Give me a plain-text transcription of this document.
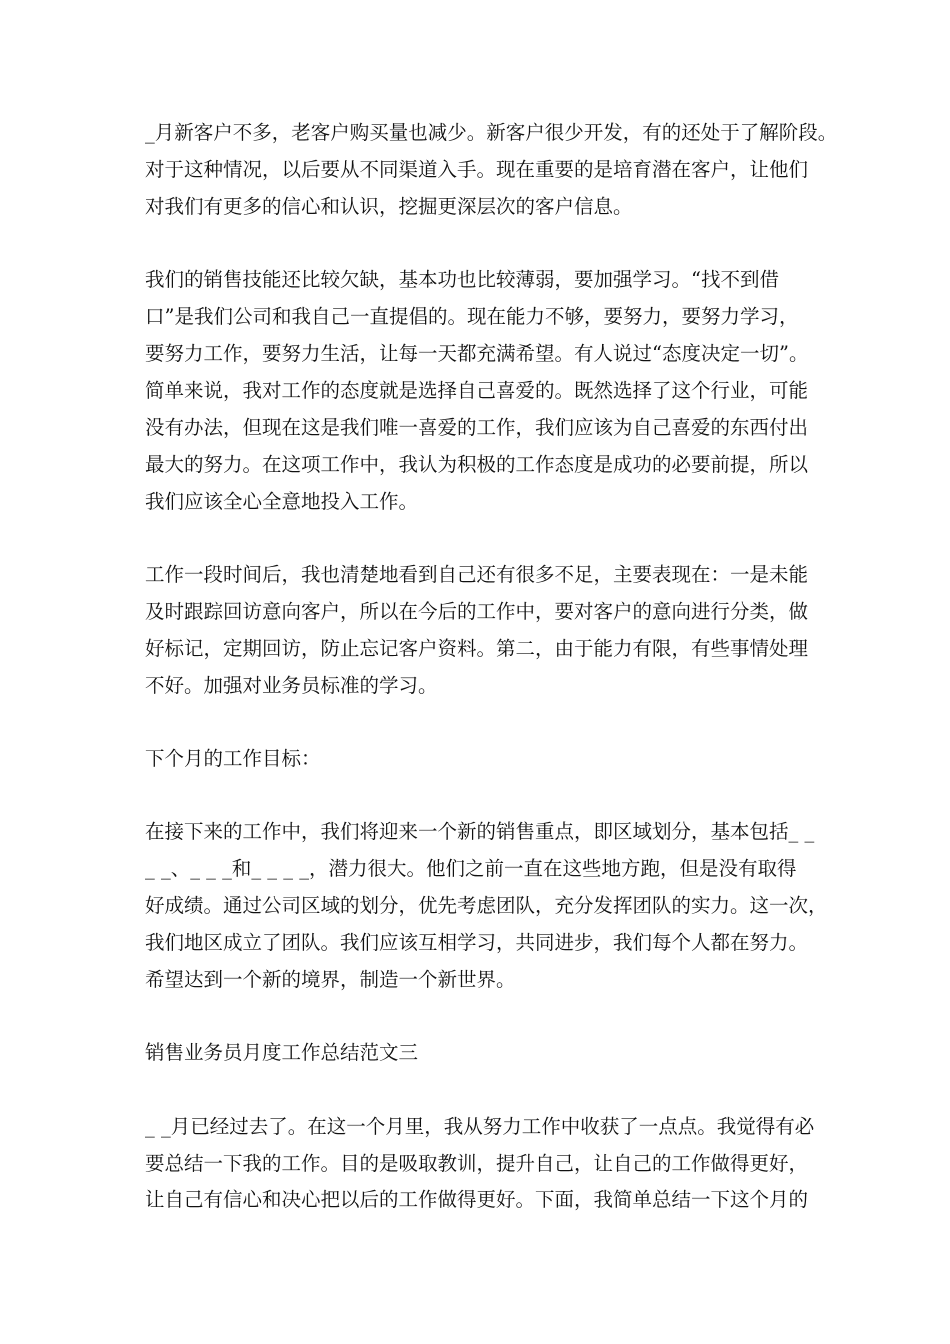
_月新客户不多，老客户购买量也减少。新客户很少开发，有的还处于了解阶段。
对于这种情况，以后要从不同渠道入手。现在重要的是培育潜在客户，让他们
对我们有更多的信心和认识，挖掘更深层次的客户信息。
我们的销售技能还比较欠缺，基本功也比较薄弱，要加强学习。“找不到借
口”是我们公司和我自己一直提倡的。现在能力不够，要努力，要努力学习，
要努力工作，要努力生活，让每一天都充满希望。有人说过“态度决定一切”。
简单来说，我对工作的态度就是选择自己喜爱的。既然选择了这个行业，可能
没有办法，但现在这是我们唯一喜爱的工作，我们应该为自己喜爱的东西付出
最大的努力。在这项工作中，我认为积极的工作态度是成功的必要前提，所以
我们应该全心全意地投入工作。
工作一段时间后，我也清楚地看到自己还有很多不足，主要表现在：一是未能
及时跟踪回访意向客户，所以在今后的工作中，要对客户的意向进行分类，做
好标记，定期回访，防止忘记客户资料。第二，由于能力有限，有些事情处理
不好。加强对业务员标准的学习。
下个月的工作目标：
在接下来的工作中，我们将迎来一个新的销售重点，即区域划分，基本包括_ _
_ _、_ _ _和_ _ _ _，潜力很大。他们之前一直在这些地方跑，但是没有取得
好成绩。通过公司区域的划分，优先考虑团队，充分发挥团队的实力。这一次，
我们地区成立了团队。我们应该互相学习，共同进步，我们每个人都在努力。
希望达到一个新的境界，制造一个新世界。
销售业务员月度工作总结范文三
_ _月已经过去了。在这一个月里，我从努力工作中收获了一点点。我觉得有必
要总结一下我的工作。目的是吸取教训，提升自己，让自己的工作做得更好，
让自己有信心和决心把以后的工作做得更好。下面，我简单总结一下这个月的
